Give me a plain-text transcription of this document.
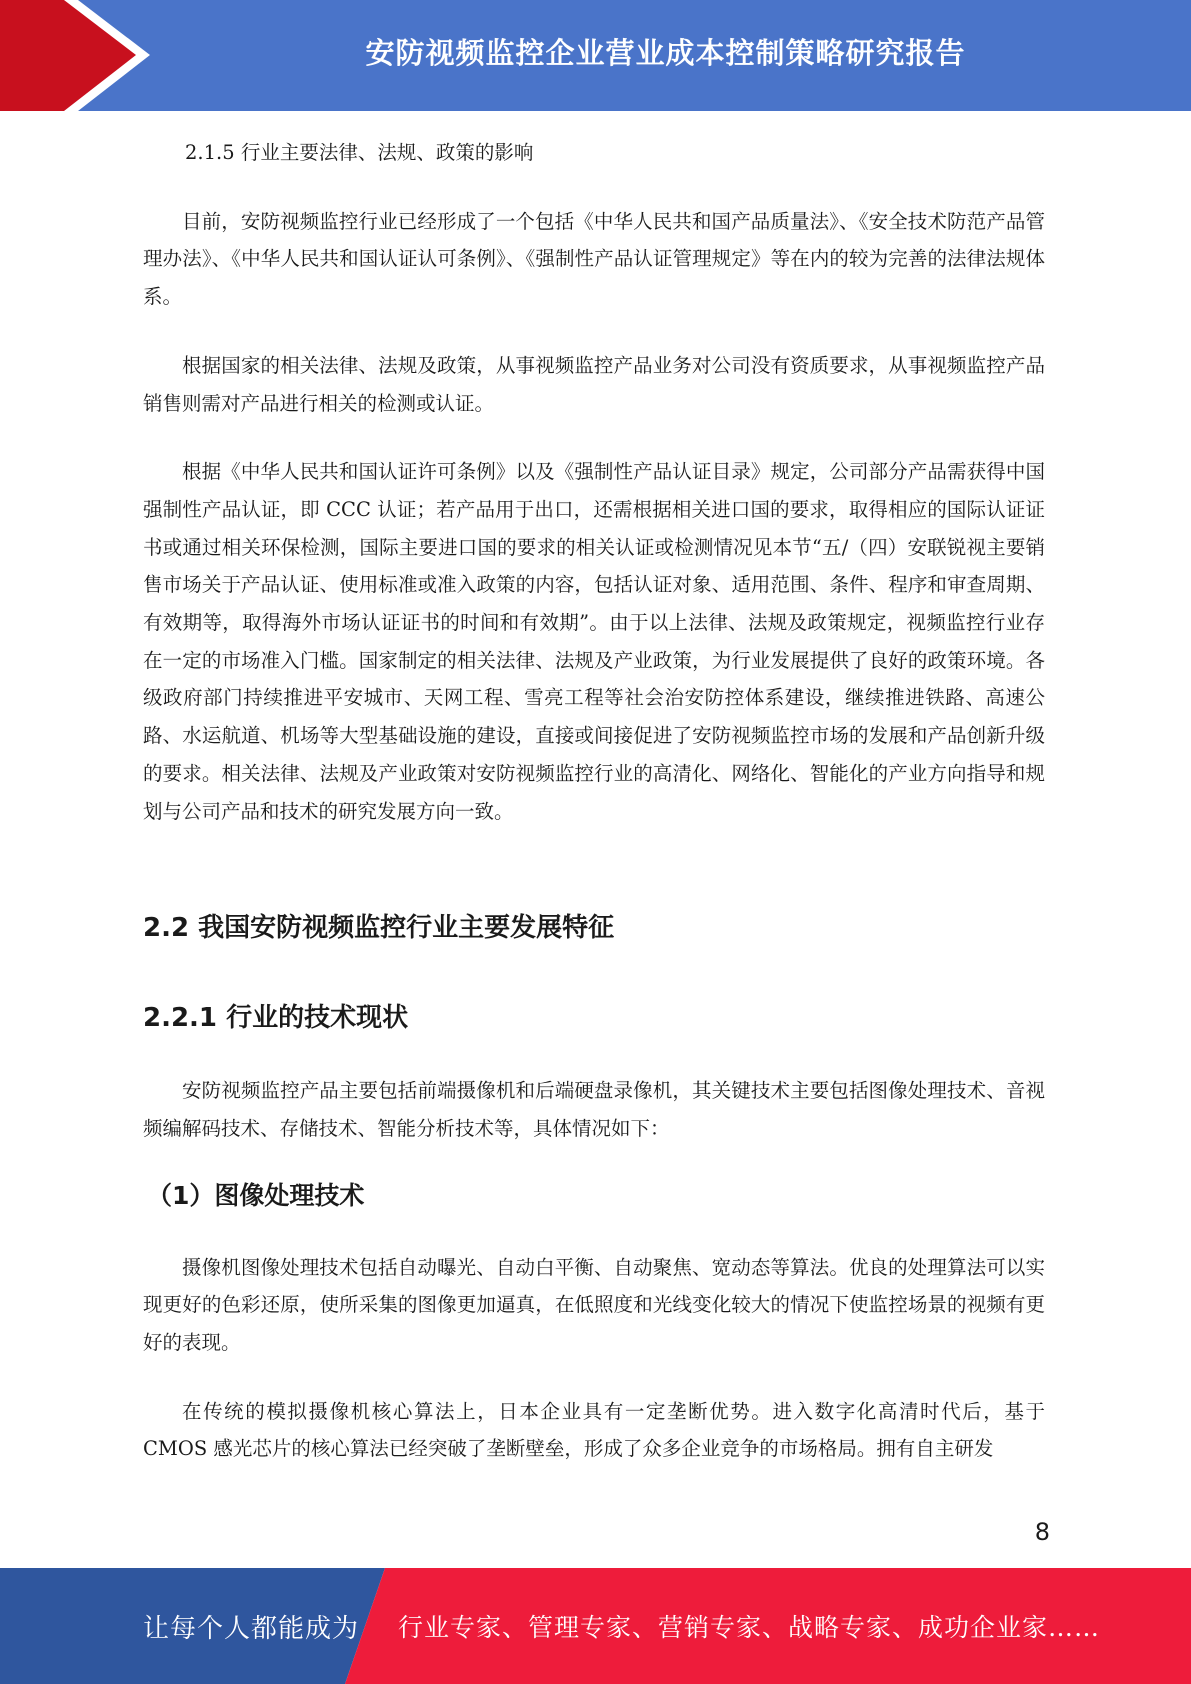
安防视频监控企业营业成本控制策略研究报告

2.1.5 行业主要法律、法规、政策的影响

目前，安防视频监控行业已经形成了一个包括《中华人民共和国产品质量法》、《安全技术防范产品管理办法》、《中华人民共和国认证认可条例》、《强制性产品认证管理规定》等在内的较为完善的法律法规体系。

根据国家的相关法律、法规及政策，从事视频监控产品业务对公司没有资质要求，从事视频监控产品销售则需对产品进行相关的检测或认证。

根据《中华人民共和国认证许可条例》以及《强制性产品认证目录》规定，公司部分产品需获得中国强制性产品认证，即 CCC 认证；若产品用于出口，还需根据相关进口国的要求，取得相应的国际认证证书或通过相关环保检测，国际主要进口国的要求的相关认证或检测情况见本节“五/（四）安联锐视主要销售市场关于产品认证、使用标准或准入政策的内容，包括认证对象、适用范围、条件、程序和审查周期、有效期等，取得海外市场认证证书的时间和有效期”。由于以上法律、法规及政策规定，视频监控行业存在一定的市场准入门槛。国家制定的相关法律、法规及产业政策，为行业发展提供了良好的政策环境。各级政府部门持续推进平安城市、天网工程、雪亮工程等社会治安防控体系建设，继续推进铁路、高速公路、水运航道、机场等大型基础设施的建设，直接或间接促进了安防视频监控市场的发展和产品创新升级的要求。相关法律、法规及产业政策对安防视频监控行业的高清化、网络化、智能化的产业方向指导和规划与公司产品和技术的研究发展方向一致。

2.2 我国安防视频监控行业主要发展特征

2.2.1 行业的技术现状

安防视频监控产品主要包括前端摄像机和后端硬盘录像机，其关键技术主要包括图像处理技术、音视频编解码技术、存储技术、智能分析技术等，具体情况如下：

（1）图像处理技术

摄像机图像处理技术包括自动曝光、自动白平衡、自动聚焦、宽动态等算法。优良的处理算法可以实现更好的色彩还原，使所采集的图像更加逼真，在低照度和光线变化较大的情况下使监控场景的视频有更好的表现。

在传统的模拟摄像机核心算法上，日本企业具有一定垄断优势。进入数字化高清时代后，基于 CMOS 感光芯片的核心算法已经突破了垄断壁垒，形成了众多企业竞争的市场格局。拥有自主研发

8
让每个人都能成为 行业专家、管理专家、营销专家、战略专家、成功企业家……
